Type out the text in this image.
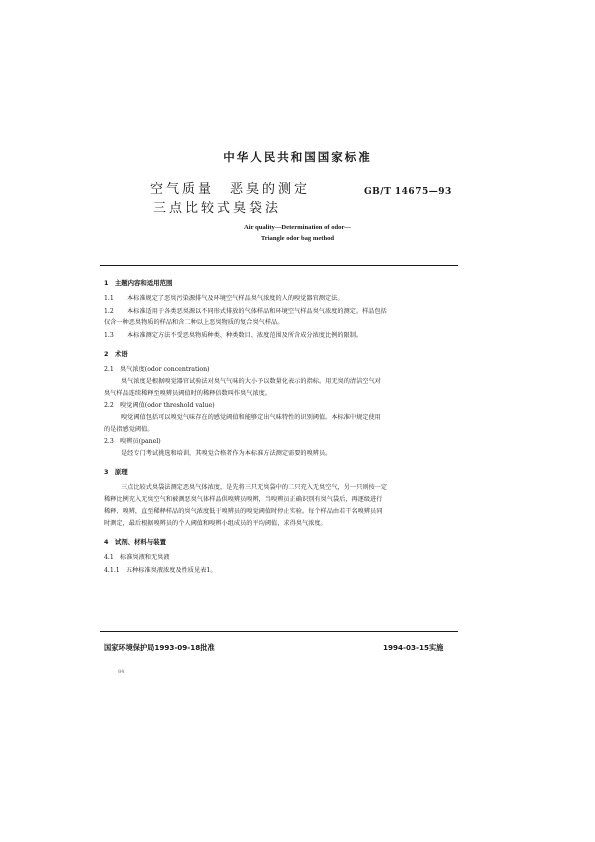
中华人民共和国国家标准
空气质量　恶臭的测定
三点比较式臭袋法
GB/T 14675—93
Air quality—Determination of odor—
Triangle odor bag method
1　主题内容和适用范围
1.1 本标准规定了恶臭污染源排气及环境空气样品臭气浓度的人的嗅觉器官测定法。
1.2 本标准适用于各类恶臭源以不同形式排放的气体样品和环境空气样品臭气浓度的测定。样品包括
仅含一种恶臭物质的样品和含二种以上恶臭物质的复合臭气样品。
1.3 本标准测定方法不受恶臭物质种类、种类数目、浓度范围及所含成分浓度比例的限制。
2　术语
2.1　臭气浓度(odor concentration)
臭气浓度是根据嗅觉器官试验法对臭气气味的大小予以数量化表示的指标。用无臭的清洁空气对
臭气样品连续稀释至嗅辨员阈值时的稀释倍数叫作臭气浓度。
2.2　嗅觉阈值(odor threshold value)
嗅觉阈值包括可以嗅觉气味存在的感觉阈值和能够定出气味特性的识别阈值。本标准中规定使用
的是指感觉阈值。
2.3　嗅辨员(panel)
是经专门考试挑选和培训，其嗅觉合格者作为本标准方法测定需要的嗅辨员。
3　原理
三点比较式臭袋法测定恶臭气体浓度，是先将三只无臭袋中的二只充入无臭空气，另一只则按一定
稀释比例充入无臭空气和被测恶臭气体样品供嗅辨员嗅辨，当嗅辨员正确识别有臭气袋后，再逐级进行
稀释、嗅辨，直至稀释样品的臭气浓度低于嗅辨员的嗅觉阈值时停止实验。每个样品由若干名嗅辨员同
时测定，最后根据嗅辨员的个人阈值和嗅辨小组成员的平均阈值，求得臭气浓度。
4　试剂、材料与装置
4.1　标准臭液和无臭液
4.1.1　五种标准臭液浓度及性质见表1。
国家环境保护局1993-09-18批准	1994-03-15实施
84
